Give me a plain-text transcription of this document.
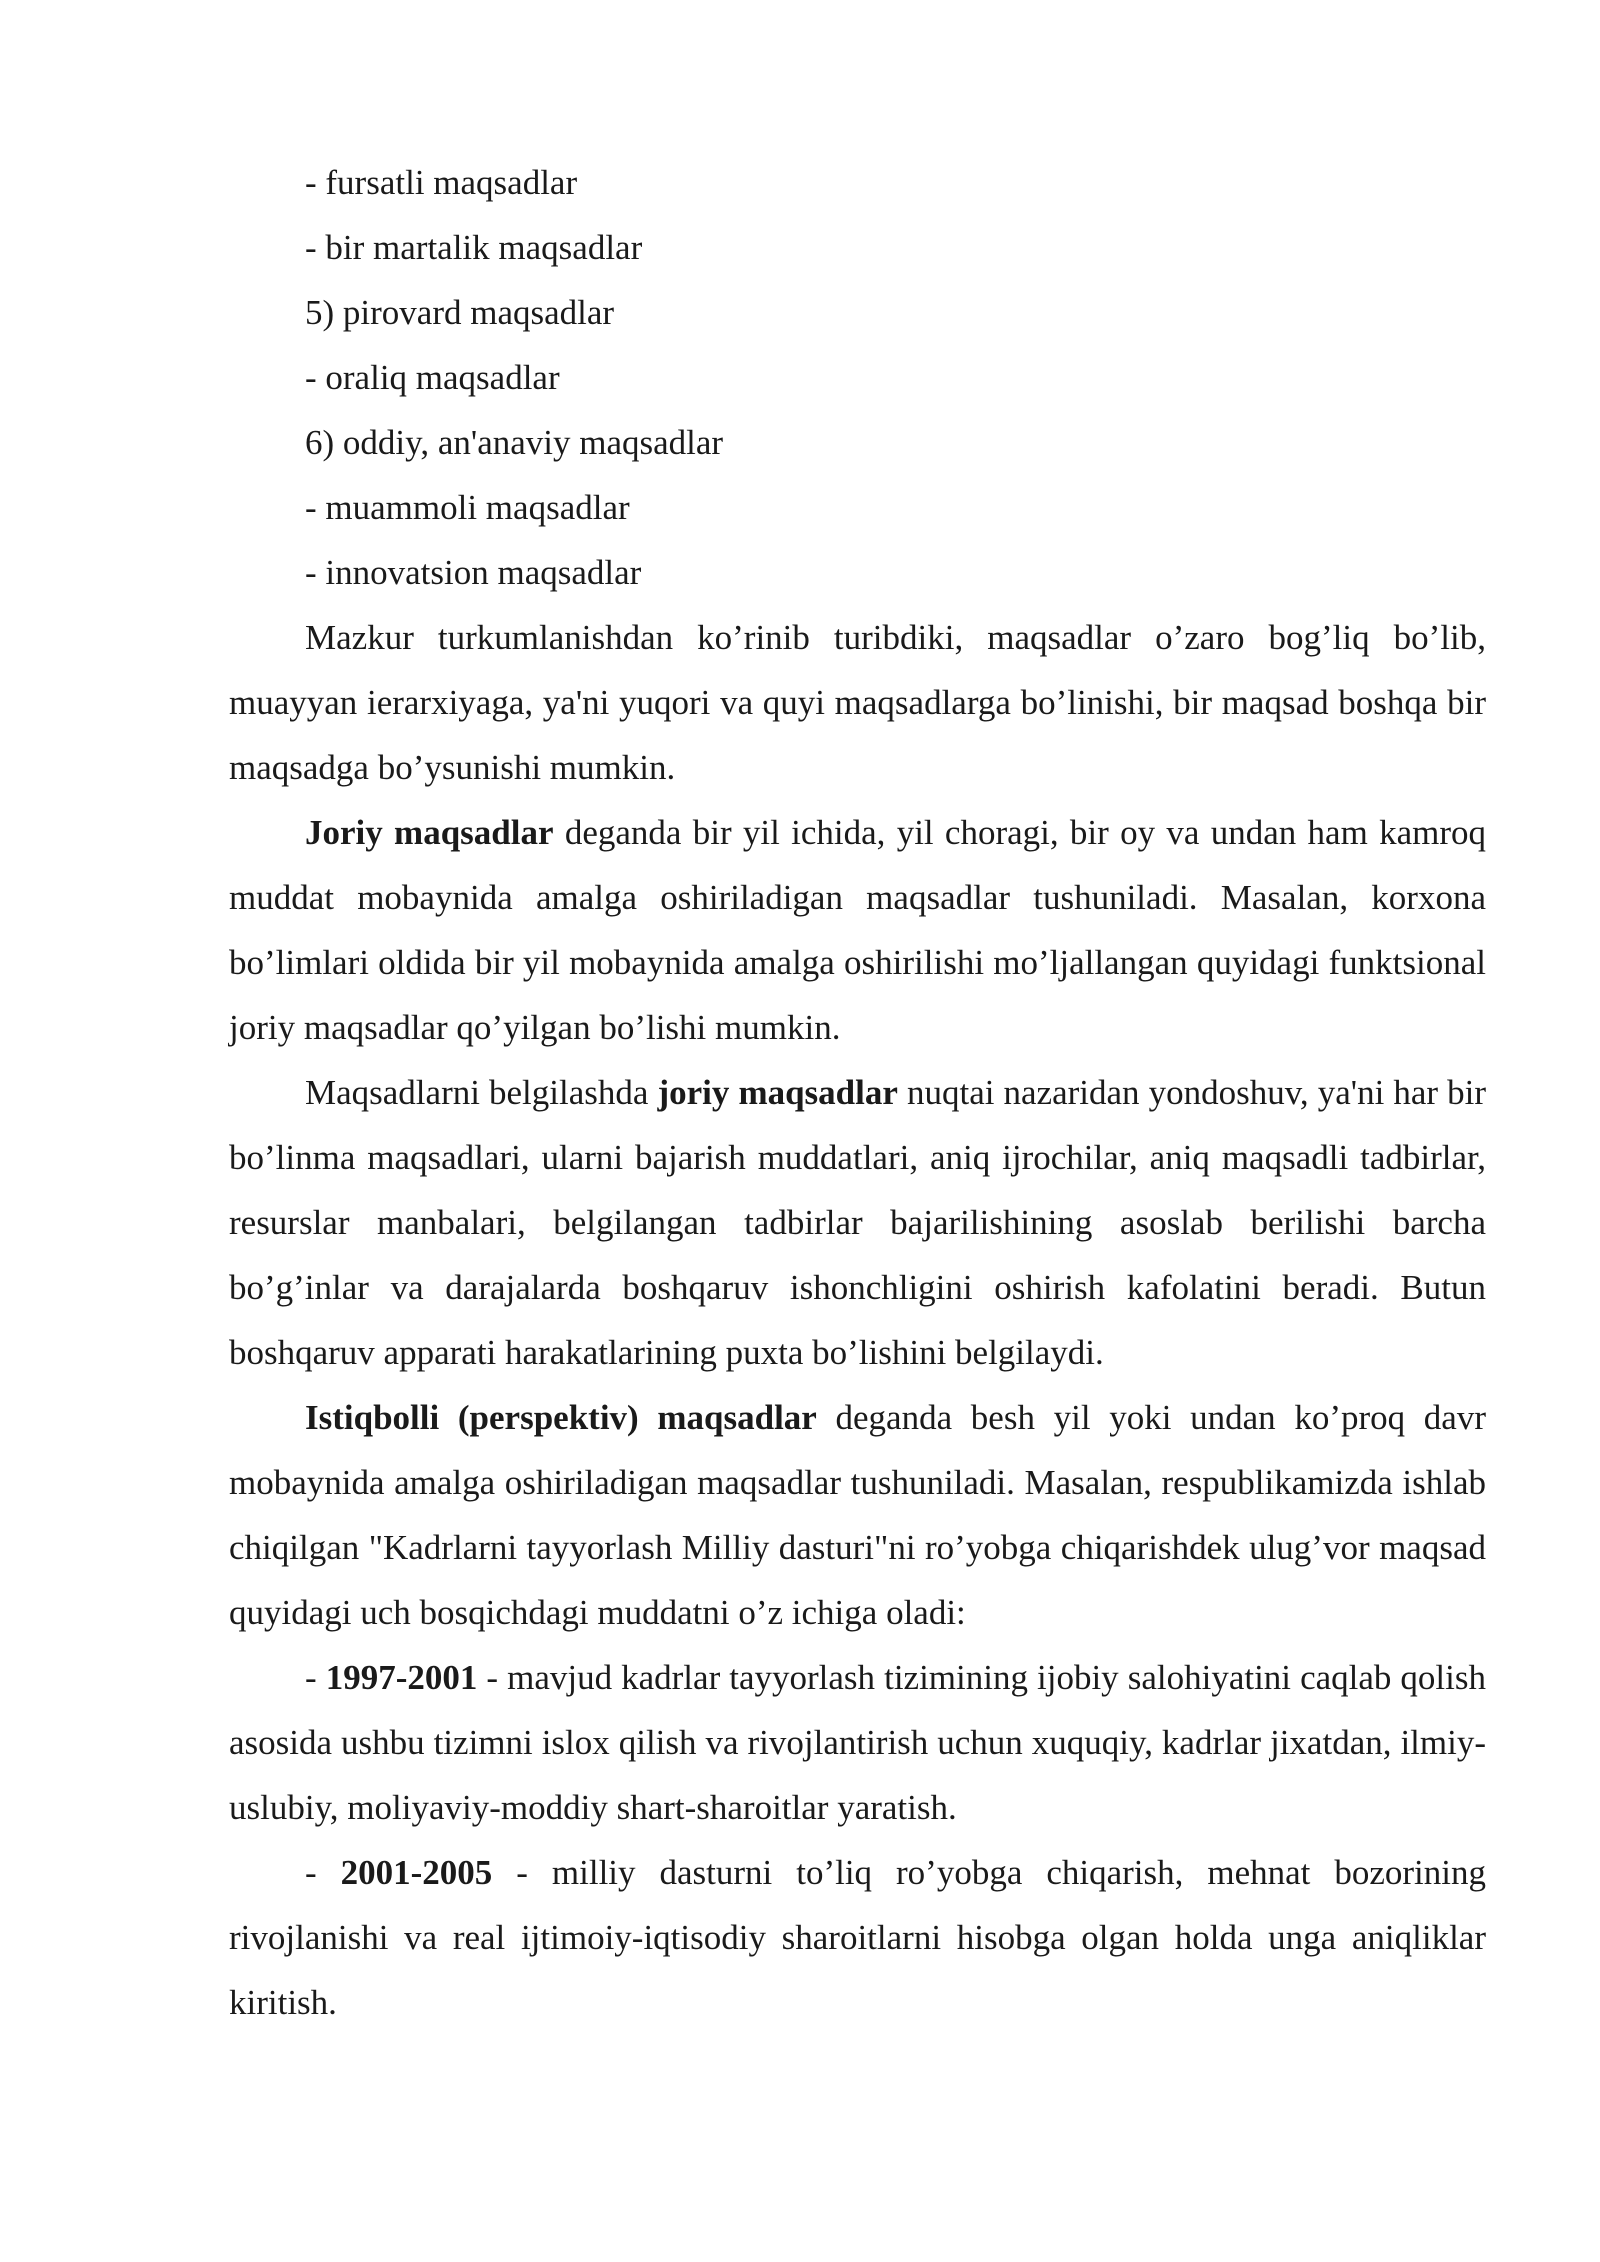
- fursatli maqsadlar

- bir martalik maqsadlar

5) pirovard maqsadlar

- oraliq maqsadlar

6) oddiy, an'anaviy maqsadlar

- muammoli maqsadlar

- innovatsion maqsadlar

Mazkur turkumlanishdan ko’rinib turibdiki, maqsadlar o’zaro bog’liq bo’lib, muayyan ierarxiyaga, ya'ni yuqori va quyi maqsadlarga bo’linishi, bir maqsad boshqa bir maqsadga bo’ysunishi mumkin.

Joriy maqsadlar deganda bir yil ichida, yil choragi, bir oy va undan ham kamroq muddat mobaynida amalga oshiriladigan maqsadlar tushuniladi. Masalan, korxona bo’limlari oldida bir yil mobaynida amalga oshirilishi mo’ljallangan quyidagi funktsional joriy maqsadlar qo’yilgan bo’lishi mumkin.

Maqsadlarni belgilashda joriy maqsadlar nuqtai nazaridan yondoshuv, ya'ni har bir bo’linma maqsadlari, ularni bajarish muddatlari, aniq ijrochilar, aniq maqsadli tadbirlar, resurslar manbalari, belgilangan tadbirlar bajarilishining asoslab berilishi barcha bo’g’inlar va darajalarda boshqaruv ishonchligini oshirish kafolatini beradi. Butun boshqaruv apparati harakatlarining puxta bo’lishini belgilaydi.

Istiqbolli (perspektiv) maqsadlar deganda besh yil yoki undan ko’proq davr mobaynida amalga oshiriladigan maqsadlar tushuniladi. Masalan, respublikamizda ishlab chiqilgan "Kadrlarni tayyorlash Milliy dasturi"ni ro’yobga chiqarishdek ulug’vor maqsad quyidagi uch bosqichdagi muddatni o’z ichiga oladi:

- 1997-2001 - mavjud kadrlar tayyorlash tizimining ijobiy salohiyatini caqlab qolish asosida ushbu tizimni islox qilish va rivojlantirish uchun xuquqiy, kadrlar jixatdan, ilmiy-uslubiy, moliyaviy-moddiy shart-sharoitlar yaratish.

- 2001-2005 - milliy dasturni to’liq ro’yobga chiqarish, mehnat bozorining rivojlanishi va real ijtimoiy-iqtisodiy sharoitlarni hisobga olgan holda unga aniqliklar kiritish.
